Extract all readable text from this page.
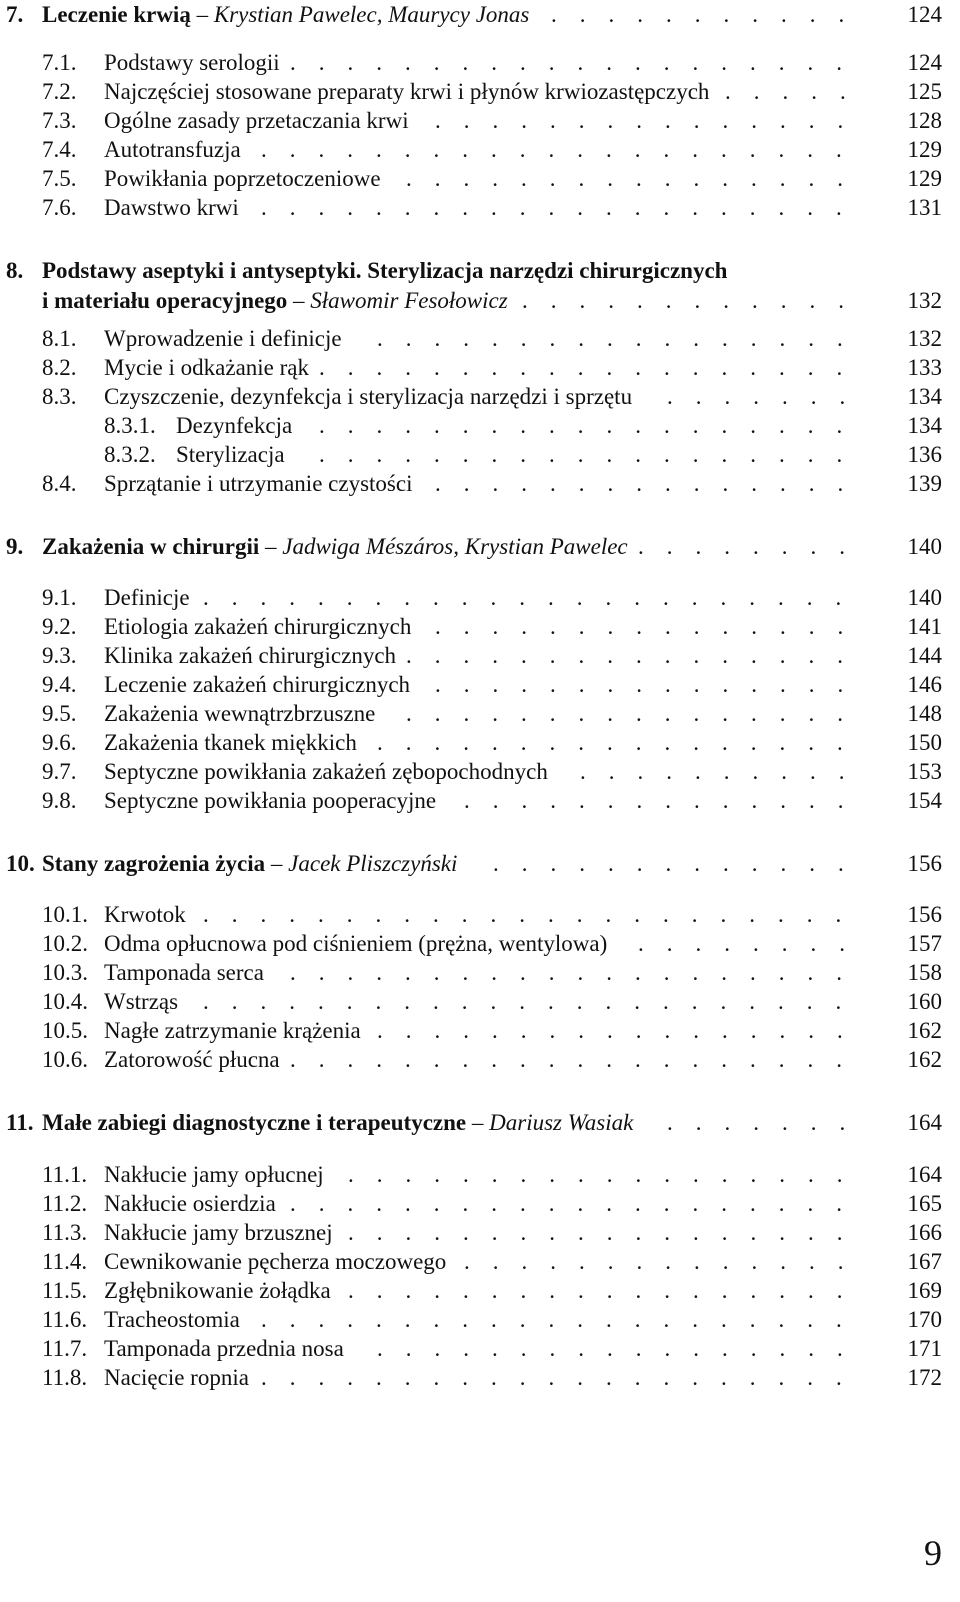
7. Leczenie krwią – Krystian Pawelec, Maurycy Jonas ........... 124
7.1. Podstawy serologii .................... 124
7.2. Najczęściej stosowane preparaty krwi i płynów krwiozastępczych ..... 125
7.3. Ogólne zasady przetaczania krwi ............... 128
7.4. Autotransfuzja ..................... 129
7.5. Powikłania poprzetoczeniowe ................ 129
7.6. Dawstwo krwi ..................... 131
8. Podstawy aseptyki i antyseptyki. Sterylizacja narzędzi chirurgicznych
i materiału operacyjnego – Sławomir Fesołowicz ............ 132
8.1. Wprowadzenie i definicje ................. 132
8.2. Mycie i odkażanie rąk ................... 133
8.3. Czyszczenie, dezynfekcja i sterylizacja narzędzi i sprzętu ....... 134
8.3.1. Dezynfekcja ................... 134
8.3.2. Sterylizacja ................... 136
8.4. Sprzątanie i utrzymanie czystości ............... 139
9. Zakażenia w chirurgii – Jadwiga Mészáros, Krystian Pawelec ........ 140
9.1. Definicje ....................... 140
9.2. Etiologia zakażeń chirurgicznych ............... 141
9.3. Klinika zakażeń chirurgicznych ................ 144
9.4. Leczenie zakażeń chirurgicznych ............... 146
9.5. Zakażenia wewnątrzbrzuszne ................ 148
9.6. Zakażenia tkanek miękkich ................. 150
9.7. Septyczne powikłania zakażeń zębopochodnych .......... 153
9.8. Septyczne powikłania pooperacyjne .............. 154
10. Stany zagrożenia życia – Jacek Pliszczyński ............. 156
10.1. Krwotok ....................... 156
10.2. Odma opłucnowa pod ciśnieniem (prężna, wentylowa) ........ 157
10.3. Tamponada serca .................... 158
10.4. Wstrząs ....................... 160
10.5. Nagłe zatrzymanie krążenia ................. 162
10.6. Zatorowość płucna .................... 162
11. Małe zabiegi diagnostyczne i terapeutyczne – Dariusz Wasiak ....... 164
11.1. Nakłucie jamy opłucnej .................. 164
11.2. Nakłucie osierdzia .................... 165
11.3. Nakłucie jamy brzusznej .................. 166
11.4. Cewnikowanie pęcherza moczowego .............. 167
11.5. Zgłębnikowanie żołądka .................. 169
11.6. Tracheostomia ..................... 170
11.7. Tamponada przednia nosa ................. 171
11.8. Nacięcie ropnia ..................... 172
9
